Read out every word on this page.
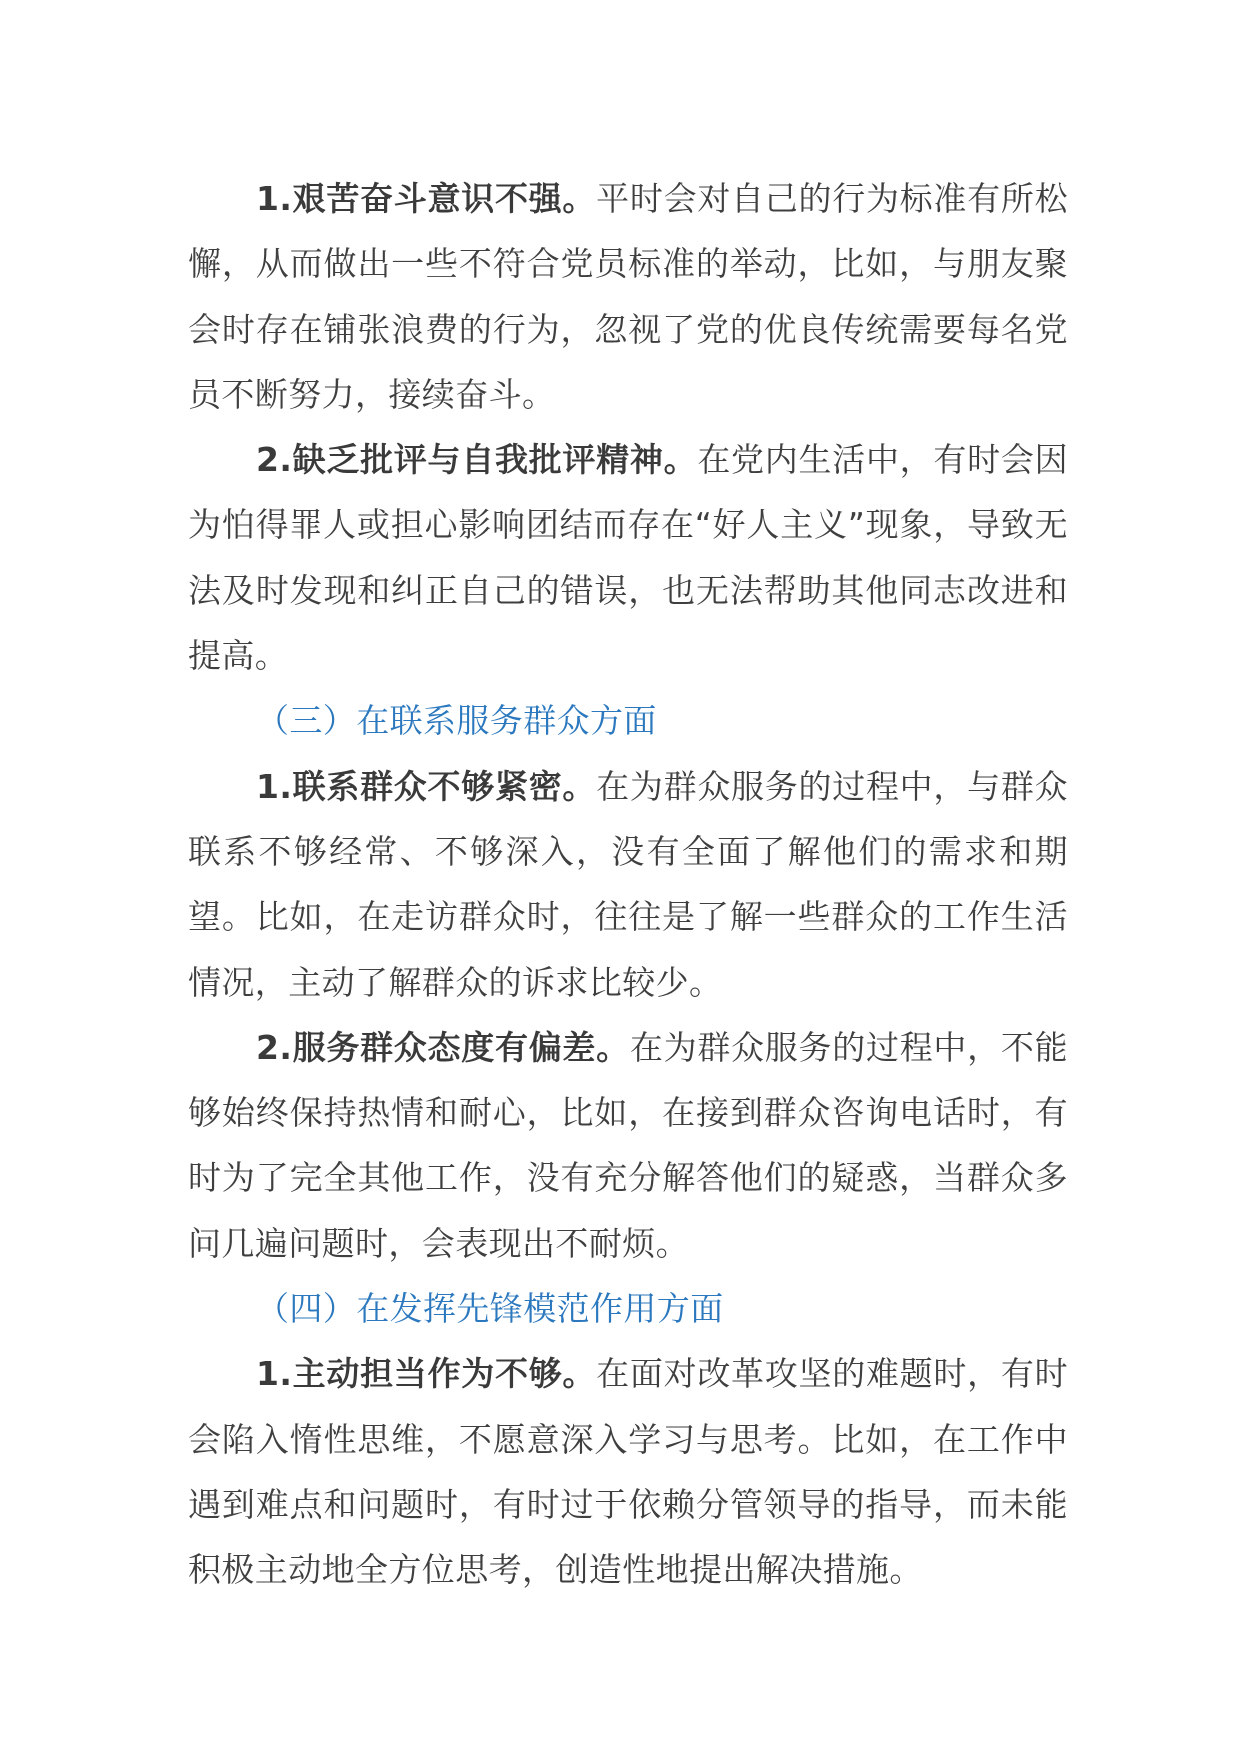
1.艰苦奋斗意识不强。平时会对自己的行为标准有所松懈，从而做出一些不符合党员标准的举动，比如，与朋友聚会时存在铺张浪费的行为，忽视了党的优良传统需要每名党员不断努力，接续奋斗。

2.缺乏批评与自我批评精神。在党内生活中，有时会因为怕得罪人或担心影响团结而存在“好人主义”现象，导致无法及时发现和纠正自己的错误，也无法帮助其他同志改进和提高。

（三）在联系服务群众方面

1.联系群众不够紧密。在为群众服务的过程中，与群众联系不够经常、不够深入，没有全面了解他们的需求和期望。比如，在走访群众时，往往是了解一些群众的工作生活情况，主动了解群众的诉求比较少。

2.服务群众态度有偏差。在为群众服务的过程中，不能够始终保持热情和耐心，比如，在接到群众咨询电话时，有时为了完全其他工作，没有充分解答他们的疑惑，当群众多问几遍问题时，会表现出不耐烦。

（四）在发挥先锋模范作用方面

1.主动担当作为不够。在面对改革攻坚的难题时，有时会陷入惰性思维，不愿意深入学习与思考。比如，在工作中遇到难点和问题时，有时过于依赖分管领导的指导，而未能积极主动地全方位思考，创造性地提出解决措施。
